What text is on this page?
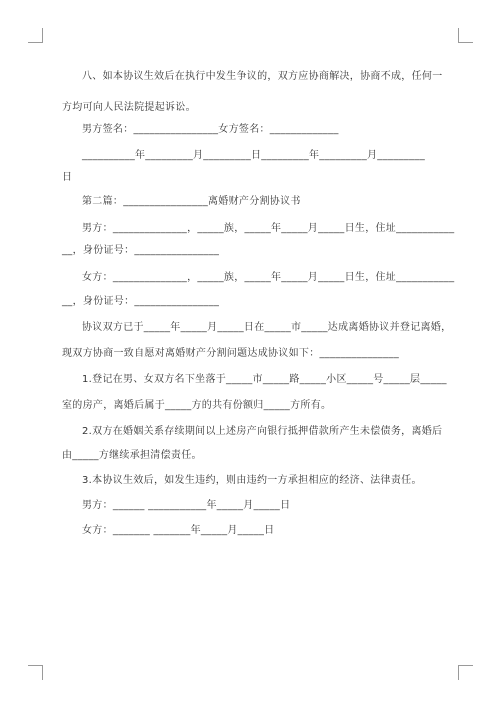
八、如本协议生效后在执行中发生争议的，双方应协商解决，协商不成，任何一
方均可向人民法院提起诉讼。
男方签名：________________女方签名：_____________
__________年_________月_________日_________年_________月_________
日
第二篇：________________离婚财产分割协议书
男方：______________，_____族，_____年_____月_____日生，住址___________
__，身份证号：________________
女方：______________，_____族，_____年_____月_____日生，住址___________
__，身份证号：________________
协议双方已于_____年_____月_____日在_____市_____达成离婚协议并登记离婚，
现双方协商一致自愿对离婚财产分割问题达成协议如下：_______________
1.登记在男、女双方名下坐落于_____市_____路_____小区_____号_____层_____
室的房产，离婚后属于_____方的共有份额归_____方所有。
2.双方在婚姻关系存续期间以上述房产向银行抵押借款所产生未偿债务，离婚后
由_____方继续承担清偿责任。
3.本协议生效后，如发生违约，则由违约一方承担相应的经济、法律责任。
男方：______ ___________年_____月_____日
女方：_______ _______年_____月_____日
